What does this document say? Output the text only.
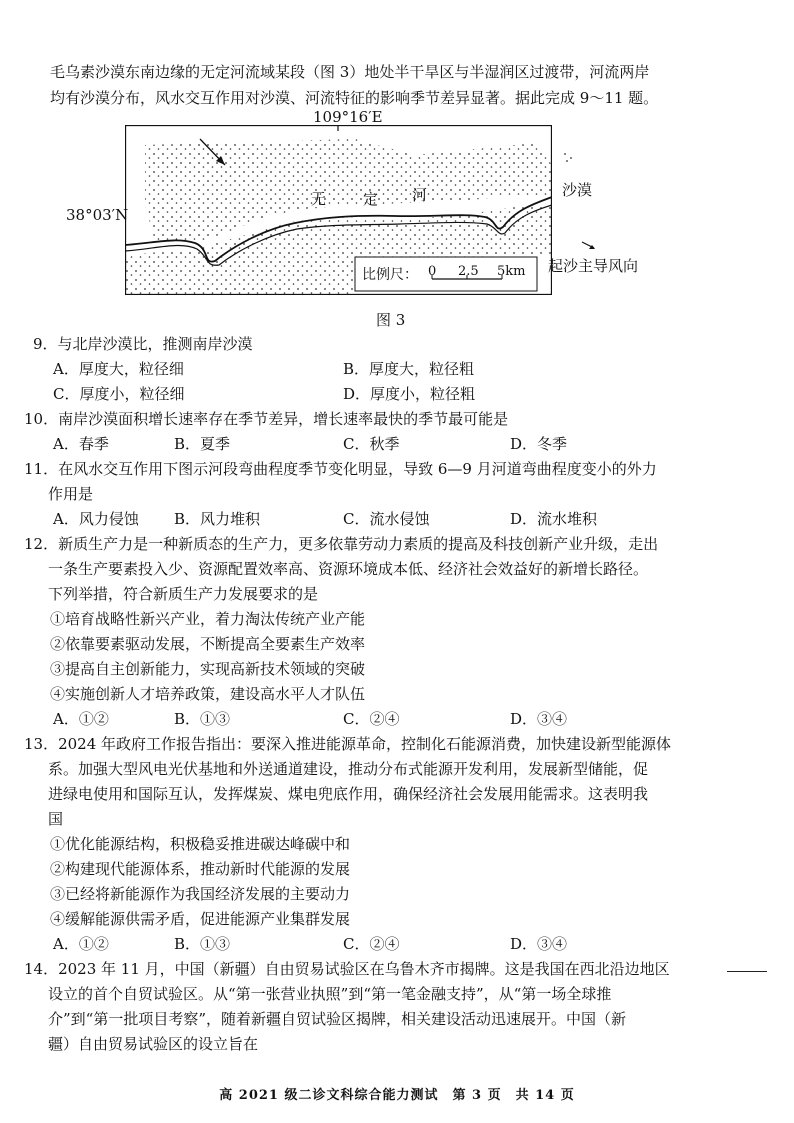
毛乌素沙漠东南边缘的无定河流域某段（图 3）地处半干旱区与半湿润区过渡带，河流两岸
均有沙漠分布，风水交互作用对沙漠、河流特征的影响季节差异显著。据此完成 9～11 题。
109°16′E
38°03′N
无 定 河
比例尺： 0 2.5 5km
沙漠
起沙主导风向
图 3
9．与北岸沙漠比，推测南岸沙漠
A．厚度大，粒径细	B．厚度大，粒径粗
C．厚度小，粒径细	D．厚度小，粒径粗
10．南岸沙漠面积增长速率存在季节差异，增长速率最快的季节最可能是
A．春季	B．夏季	C．秋季	D．冬季
11．在风水交互作用下图示河段弯曲程度季节变化明显，导致 6—9 月河道弯曲程度变小的外力
作用是
A．风力侵蚀 B．风力堆积	C．流水侵蚀	D．流水堆积
12．新质生产力是一种新质态的生产力，更多依靠劳动力素质的提高及科技创新产业升级，走出
一条生产要素投入少、资源配置效率高、资源环境成本低、经济社会效益好的新增长路径。
下列举措，符合新质生产力发展要求的是
①培育战略性新兴产业，着力淘汰传统产业产能
②依靠要素驱动发展，不断提高全要素生产效率
③提高自主创新能力，实现高新技术领域的突破
④实施创新人才培养政策，建设高水平人才队伍
A．①②	B．①③	C．②④	D．③④
13．2024 年政府工作报告指出：要深入推进能源革命，控制化石能源消费，加快建设新型能源体
系。加强大型风电光伏基地和外送通道建设，推动分布式能源开发利用，发展新型储能，促
进绿电使用和国际互认，发挥煤炭、煤电兜底作用，确保经济社会发展用能需求。这表明我
国
①优化能源结构，积极稳妥推进碳达峰碳中和
②构建现代能源体系，推动新时代能源的发展
③已经将新能源作为我国经济发展的主要动力
④缓解能源供需矛盾，促进能源产业集群发展
A．①②	B．①③	C．②④	D．③④
14．2023 年 11 月，中国（新疆）自由贸易试验区在乌鲁木齐市揭牌。这是我国在西北沿边地区
设立的首个自贸试验区。从“第一张营业执照”到“第一笔金融支持”，从“第一场全球推
介”到“第一批项目考察”，随着新疆自贸试验区揭牌，相关建设活动迅速展开。中国（新
疆）自由贸易试验区的设立旨在
高 2021 级二诊文科综合能力测试　第 3 页　共 14 页
